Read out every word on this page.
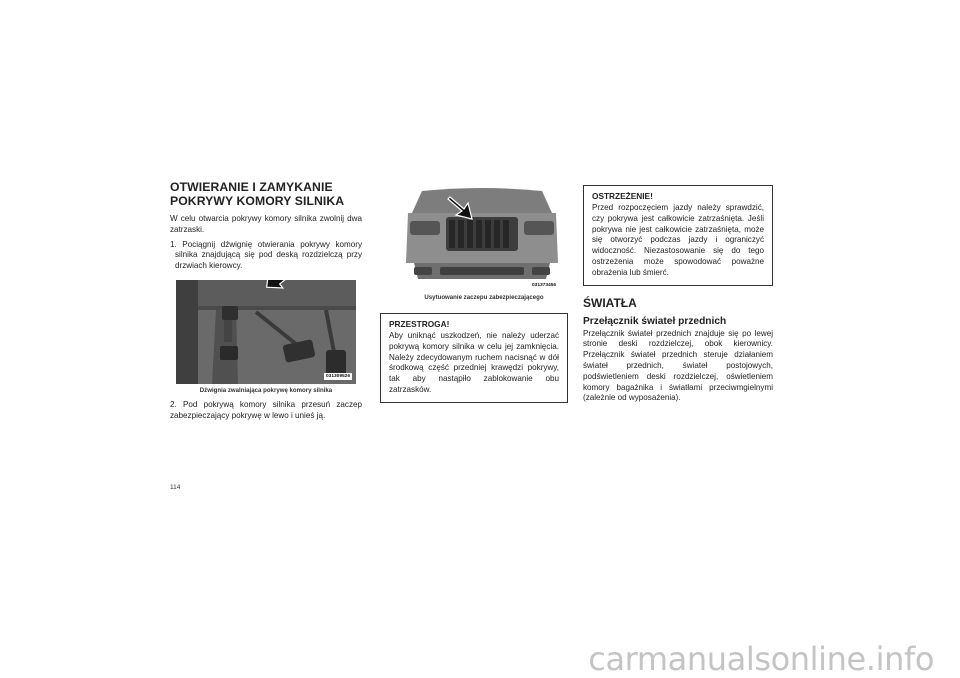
OTWIERANIE I ZAMYKANIE
POKRYWY KOMORY SILNIKA

W celu otwarcia pokrywy komory silnika zwolnij dwa zatrzaski.

1. Pociągnij dźwignię otwierania pokrywy komory silnika znajdującą się pod deską rozdzielczą przy drzwiach kierowcy.

031309526
Dźwignia zwalniająca pokrywę komory silnika

2. Pod pokrywą komory silnika przesuń zaczep zabezpieczający pokrywę w lewo i unieś ją.

031373456
Usytuowanie zaczepu zabezpieczającego
PRZESTROGA!

Aby uniknąć uszkodzeń, nie należy uderzać pokrywą komory silnika w celu jej zamknięcia. Należy zdecydowanym ruchem nacisnąć w dół środkową część przedniej krawędzi pokrywy, tak aby nastąpiło zablokowanie obu zatrzasków.

OSTRZEŻENIE!

Przed rozpoczęciem jazdy należy sprawdzić, czy pokrywa jest całkowicie zatrzaśnięta. Jeśli pokrywa nie jest całkowicie zatrzaśnięta, może się otworzyć podczas jazdy i ograniczyć widoczność. Niezastosowanie się do tego ostrzeżenia może spowodować poważne obrażenia lub śmierć.

ŚWIATŁA
Przełącznik świateł przednich

Przełącznik świateł przednich znajduje się po lewej stronie deski rozdzielczej, obok kierownicy. Przełącznik świateł przednich steruje działaniem świateł przednich, świateł postojowych, podświetleniem deski rozdzielczej, oświetleniem komory bagażnika i światłami przeciwmgielnymi (zależnie od wyposażenia).

114
carmanualsonline.info
